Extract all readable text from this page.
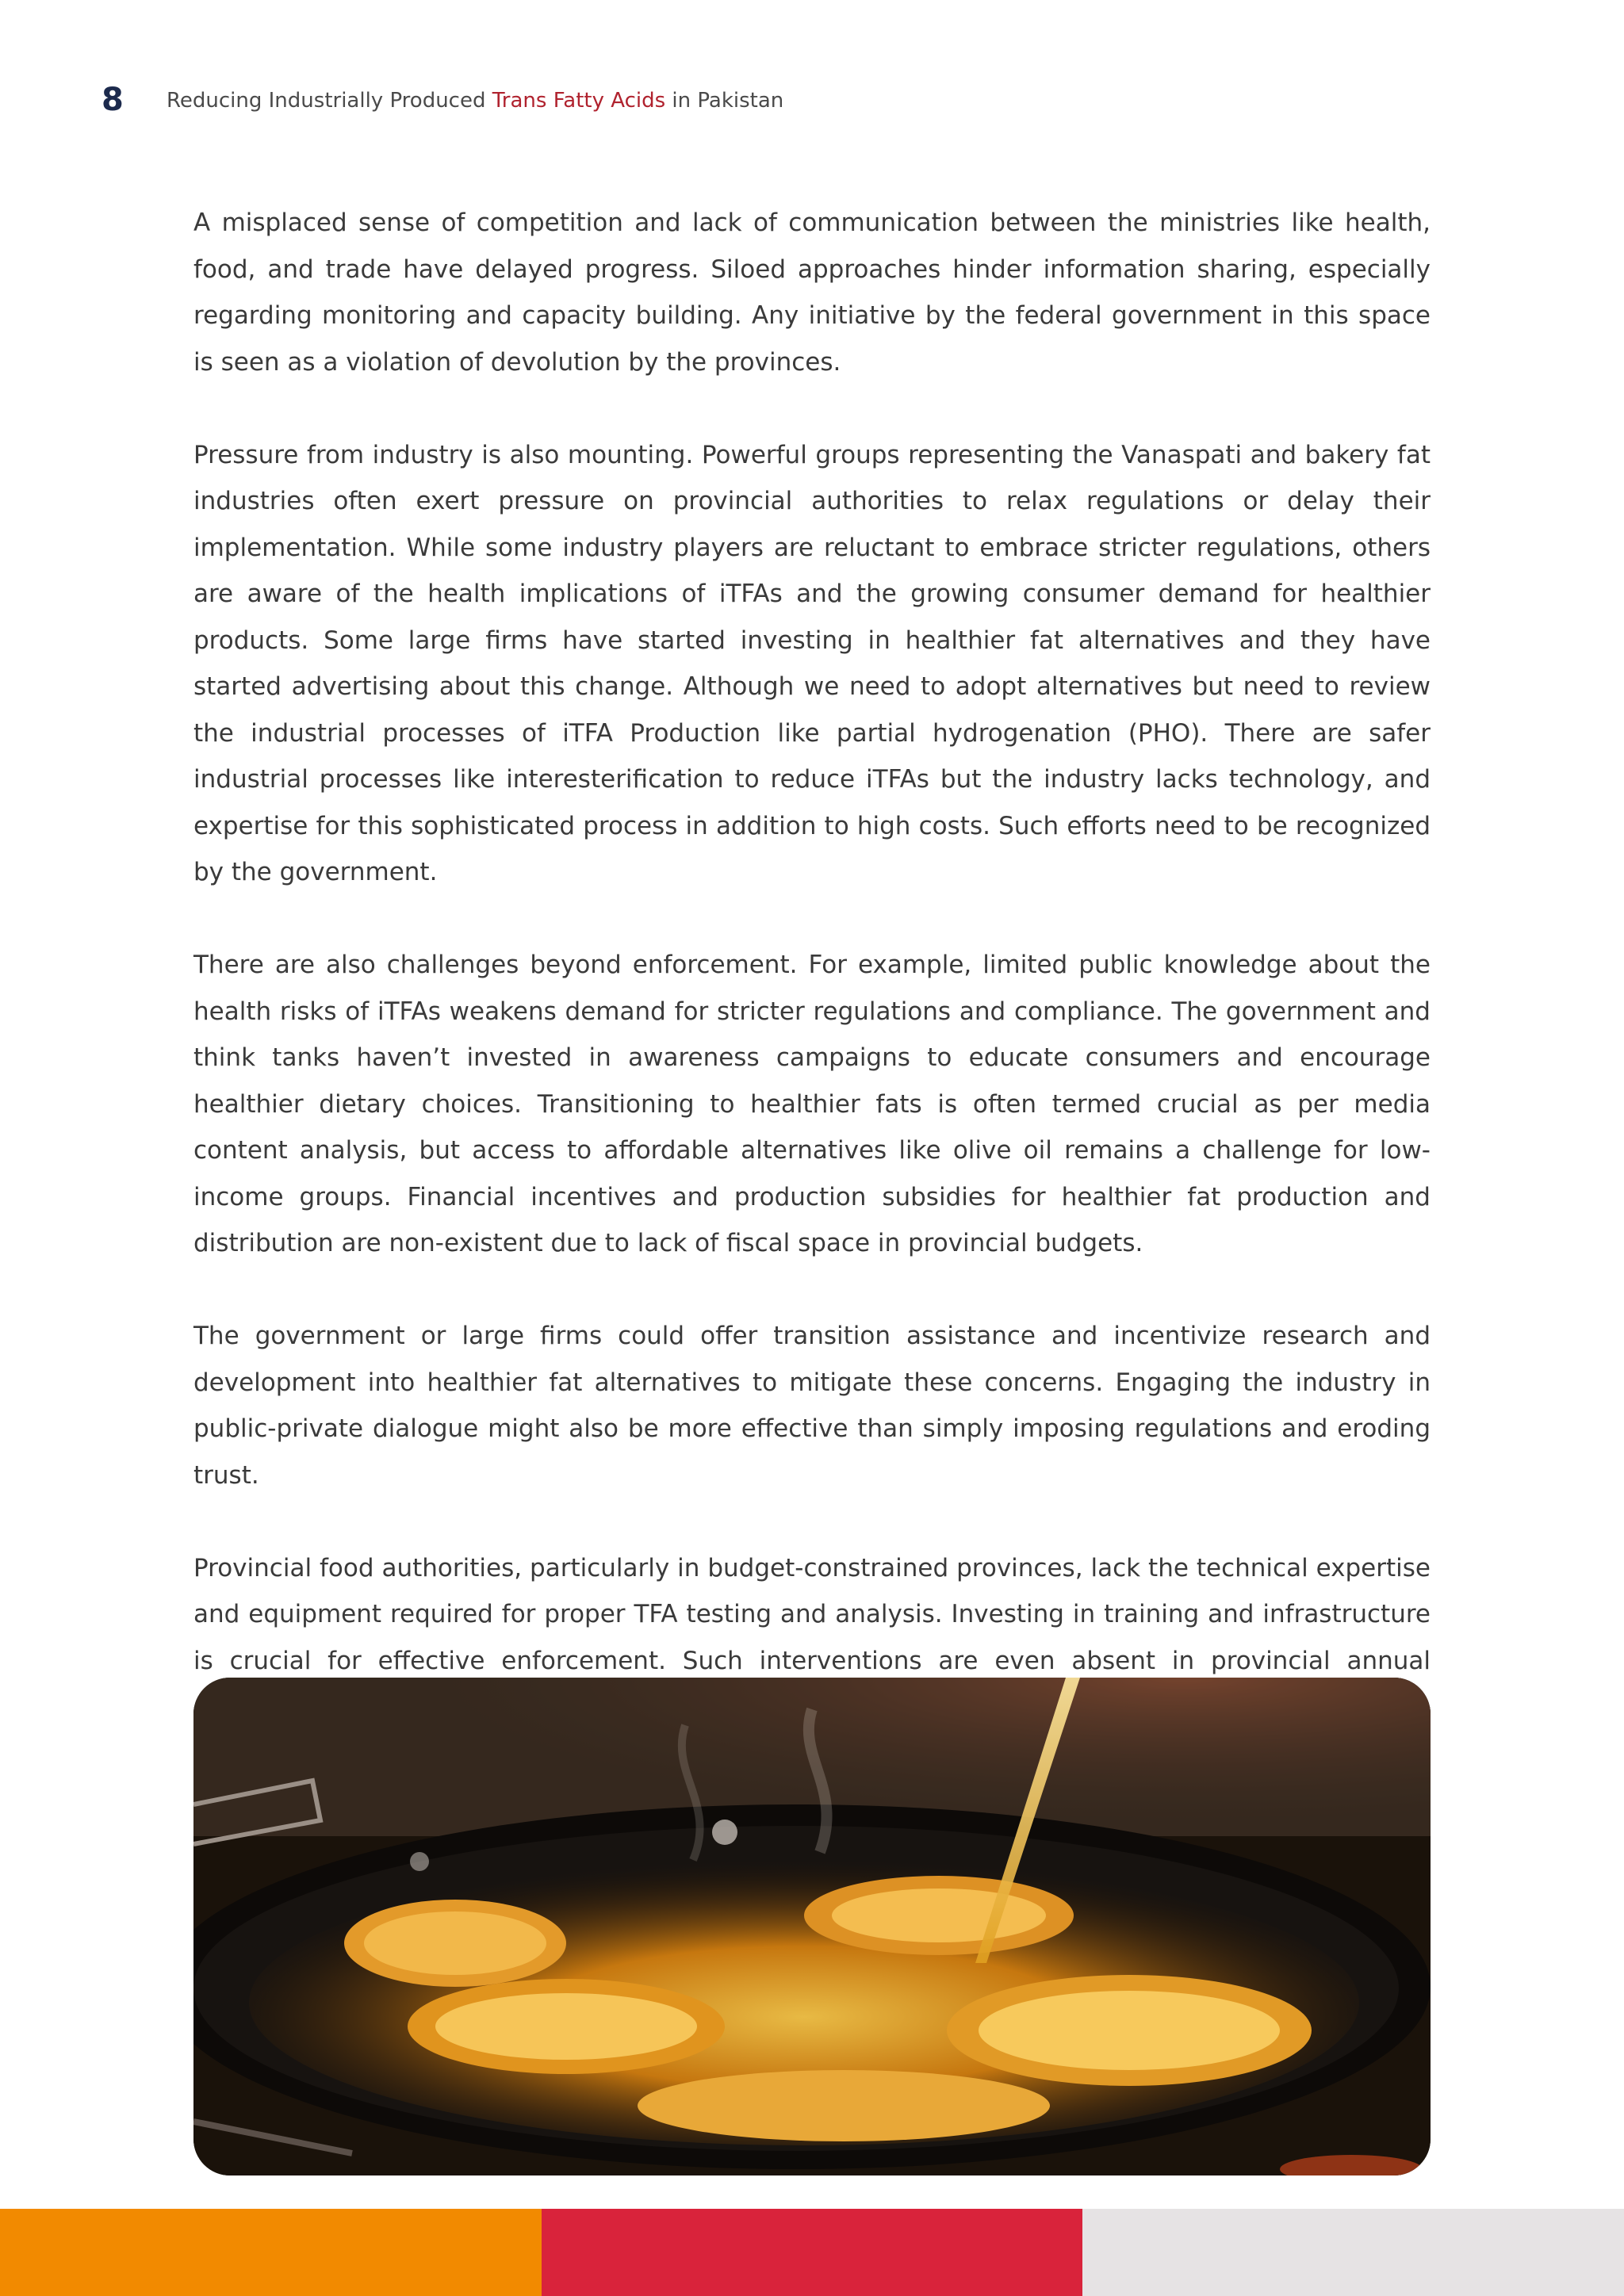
8 Reducing Industrially Produced Trans Fatty Acids in Pakistan

A misplaced sense of competition and lack of communication between the ministries like health, food, and trade have delayed progress. Siloed approaches hinder information sharing, especially regarding monitoring and capacity building. Any initiative by the federal government in this space is seen as a violation of devolution by the provinces.

Pressure from industry is also mounting. Powerful groups representing the Vanaspati and bakery fat industries often exert pressure on provincial authorities to relax regulations or delay their implementation. While some industry players are reluctant to embrace stricter regulations, others are aware of the health implications of iTFAs and the growing consumer demand for healthier products. Some large firms have started investing in healthier fat alternatives and they have started advertising about this change. Although we need to adopt alternatives but need to review the industrial processes of iTFA Production like partial hydrogenation (PHO). There are safer industrial processes like interesterification to reduce iTFAs but the industry lacks technology, and expertise for this sophisticated process in addition to high costs. Such efforts need to be recognized by the government.

There are also challenges beyond enforcement. For example, limited public knowledge about the health risks of iTFAs weakens demand for stricter regulations and compliance. The government and think tanks haven’t invested in awareness campaigns to educate consumers and encourage healthier dietary choices. Transitioning to healthier fats is often termed crucial as per media content analysis, but access to affordable alternatives like olive oil remains a challenge for low-income groups. Financial incentives and production subsidies for healthier fat production and distribution are non-existent due to lack of fiscal space in provincial budgets.

The government or large firms could offer transition assistance and incentivize research and development into healthier fat alternatives to mitigate these concerns. Engaging the industry in public-private dialogue might also be more effective than simply imposing regulations and eroding trust.

Provincial food authorities, particularly in budget-constrained provinces, lack the technical expertise and equipment required for proper TFA testing and analysis. Investing in training and infrastructure is crucial for effective enforcement. Such interventions are even absent in provincial annual
